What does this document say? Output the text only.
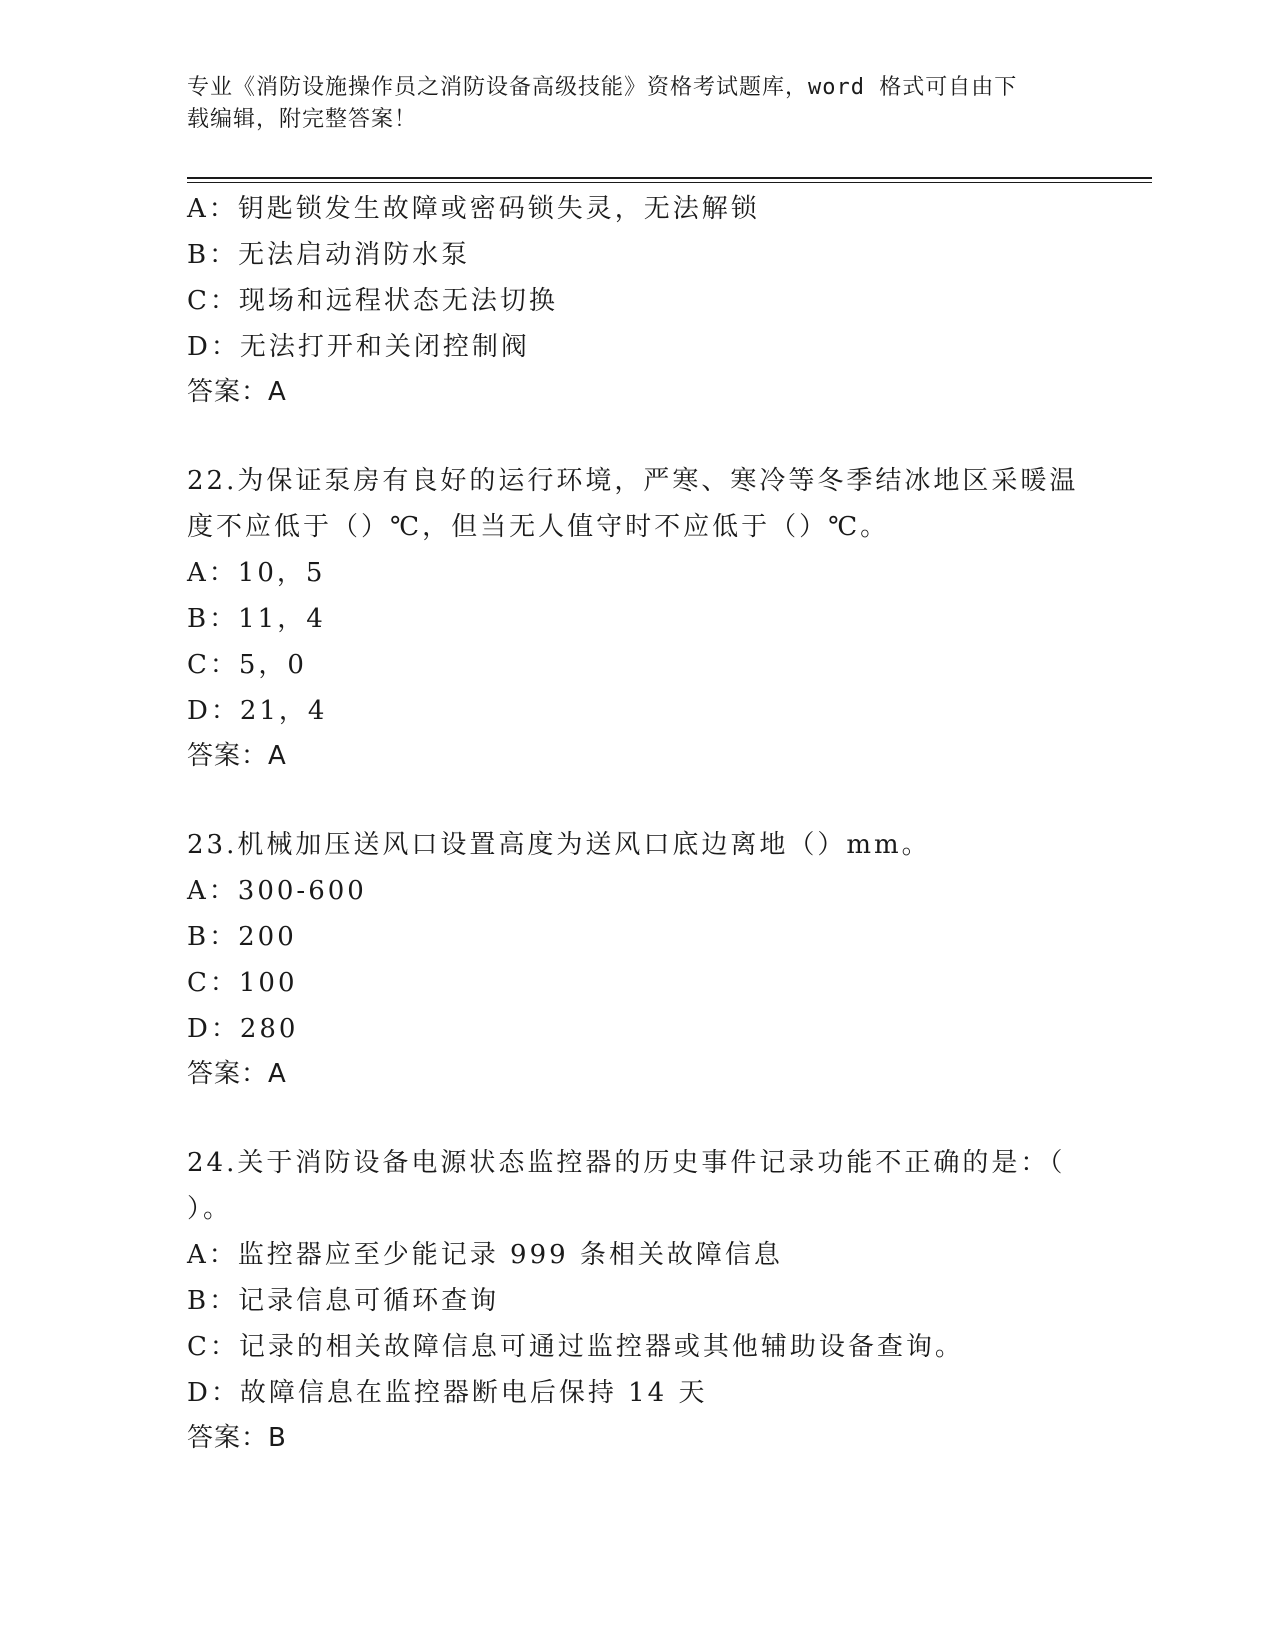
专业《消防设施操作员之消防设备高级技能》资格考试题库，word 格式可自由下
载编辑，附完整答案！
A：钥匙锁发生故障或密码锁失灵，无法解锁
B：无法启动消防水泵
C：现场和远程状态无法切换
D：无法打开和关闭控制阀
答案：A
22.为保证泵房有良好的运行环境，严寒、寒冷等冬季结冰地区采暖温
度不应低于（）℃，但当无人值守时不应低于（）℃。
A：10，5
B：11，4
C：5，0
D：21，4
答案：A
23.机械加压送风口设置高度为送风口底边离地（）mm。
A：300-600
B：200
C：100
D：280
答案：A
24.关于消防设备电源状态监控器的历史事件记录功能不正确的是：（
）。
A：监控器应至少能记录 999 条相关故障信息
B：记录信息可循环查询
C：记录的相关故障信息可通过监控器或其他辅助设备查询。
D：故障信息在监控器断电后保持 14 天
答案：B
